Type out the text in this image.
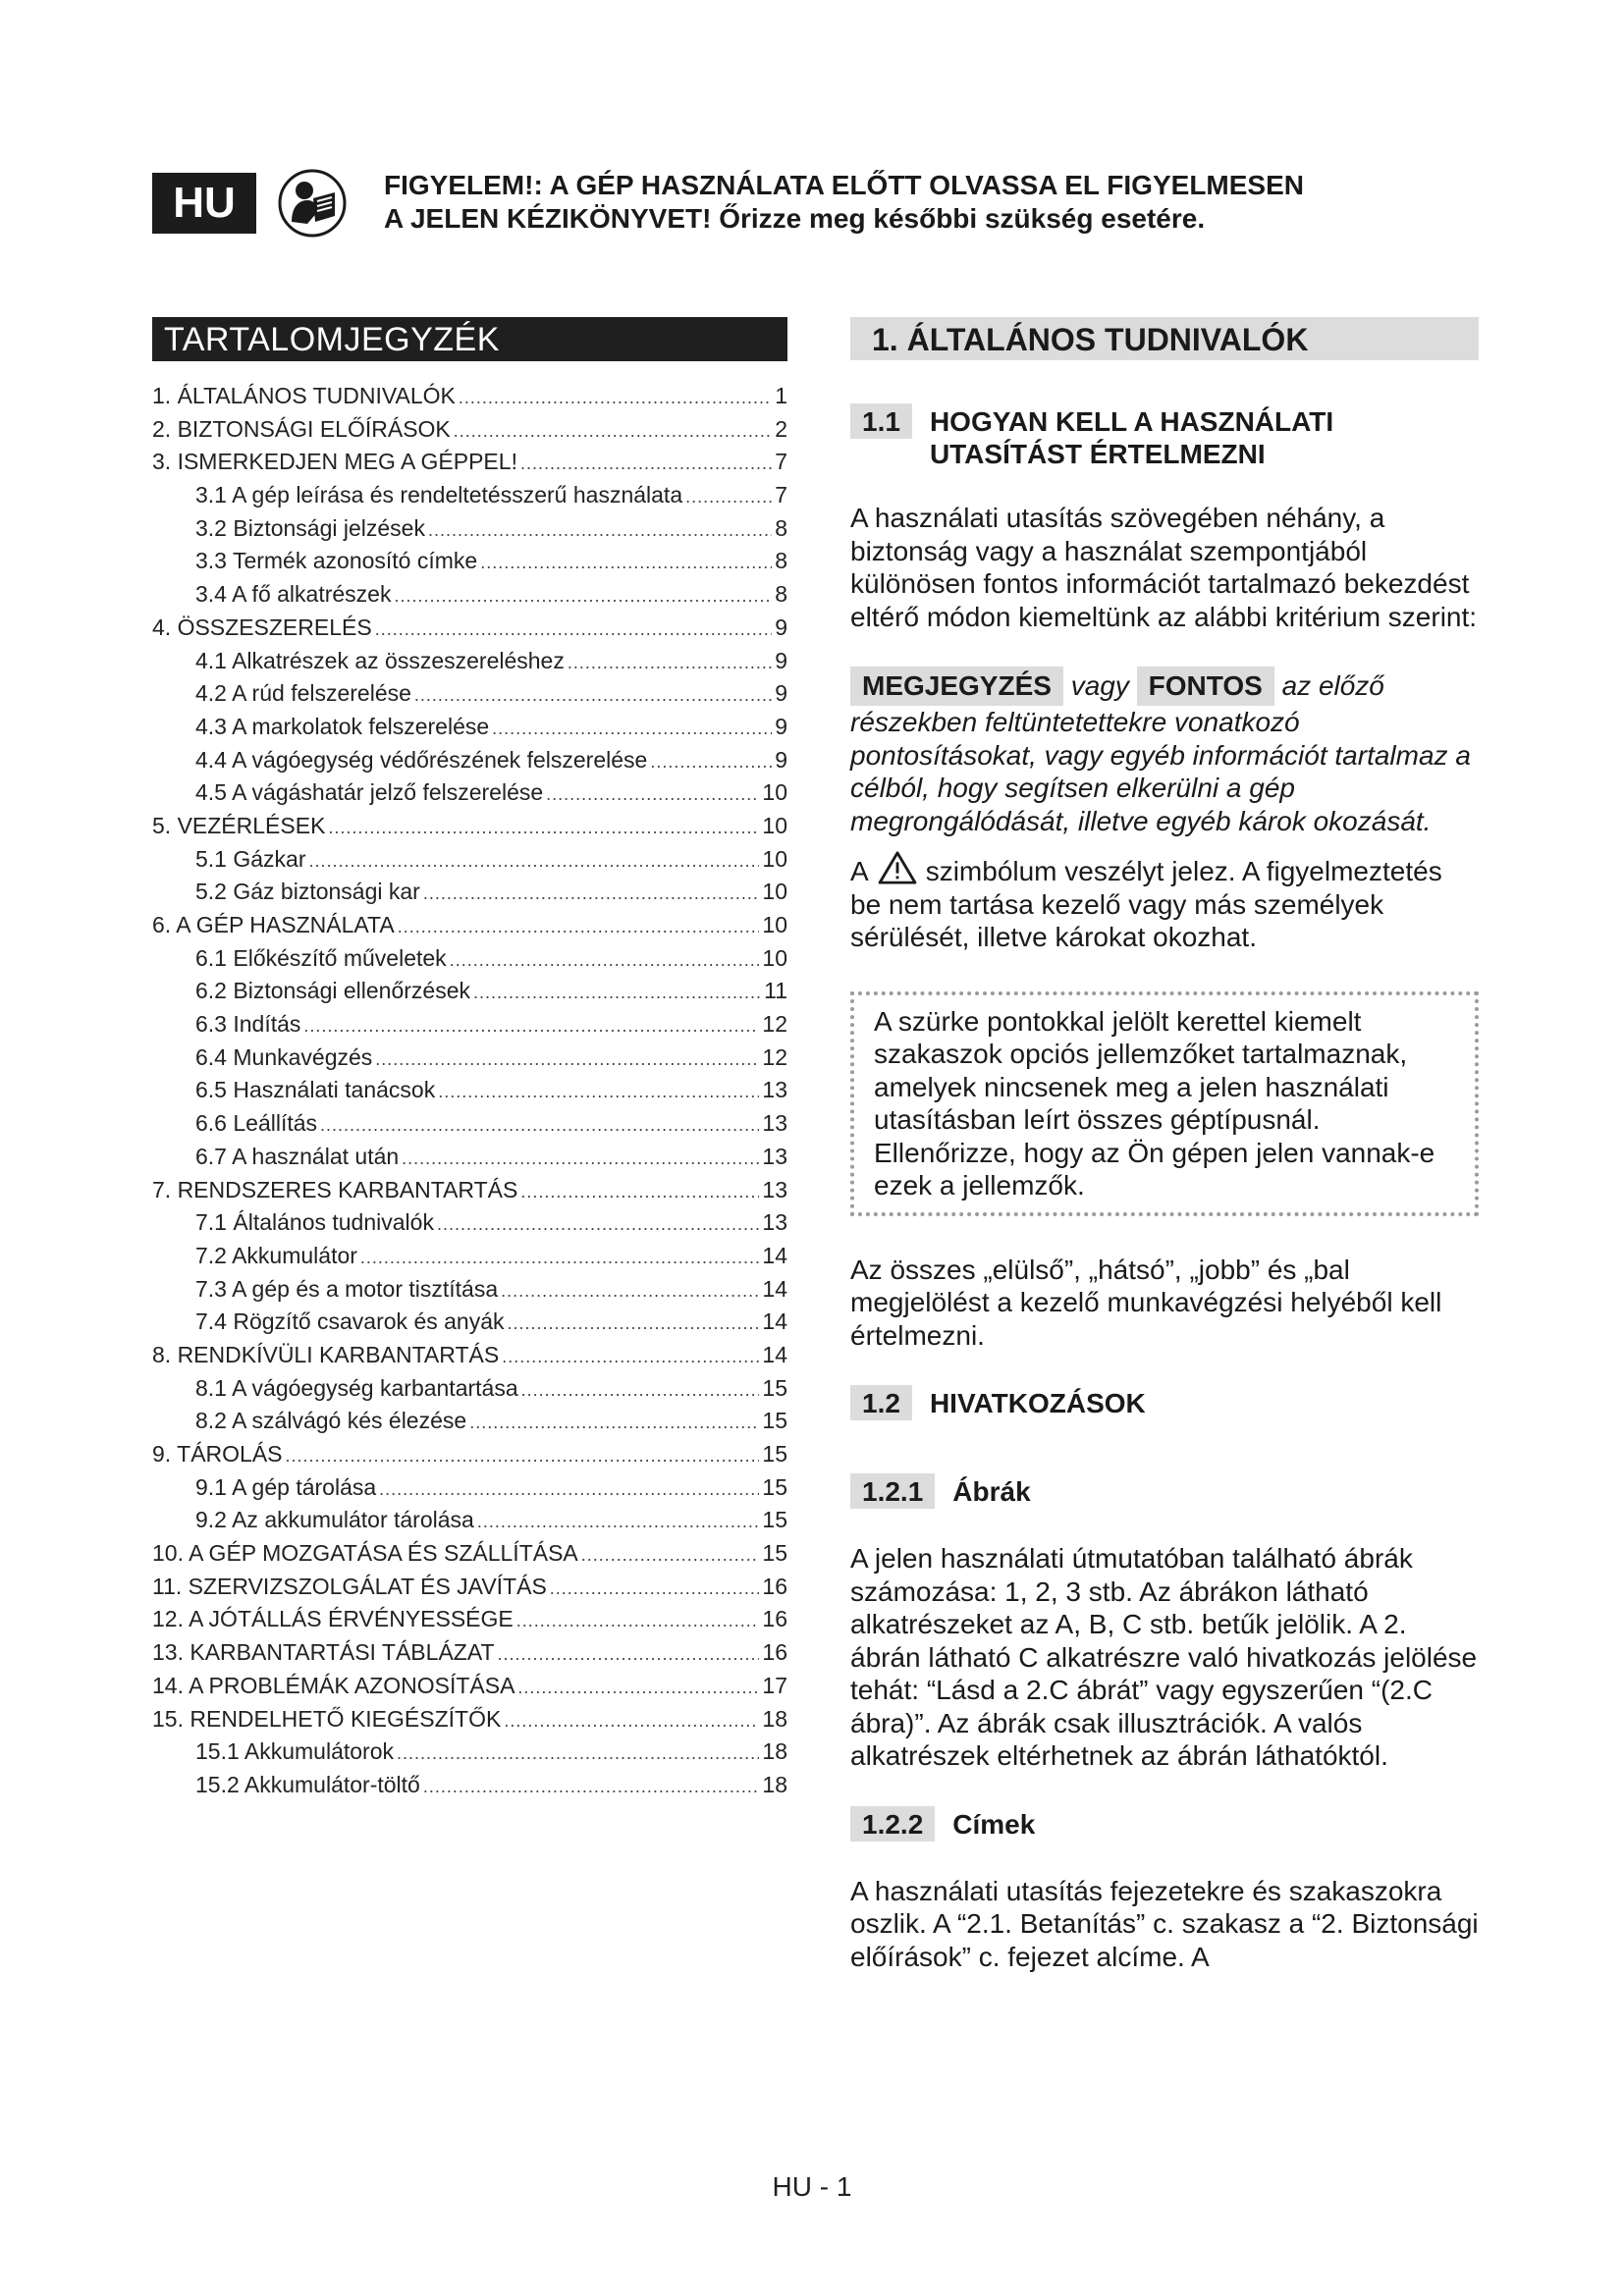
HU	FIGYELEM!: A GÉP HASZNÁLATA ELŐTT OLVASSA EL FIGYELMESEN
A JELEN KÉZIKÖNYVET! Őrizze meg későbbi szükség esetére.
TARTALOMJEGYZÉK
1. ÁLTALÁNOS TUDNIVALÓK .....	1
2. BIZTONSÁGI ELŐÍRÁSOK .....	2
3. ISMERKEDJEN MEG A GÉPPEL! .....	7
3.1 A gép leírása és rendeltetésszerű használata .....	7
3.2 Biztonsági jelzések .....	8
3.3 Termék azonosító címke .....	8
3.4 A fő alkatrészek .....	8
4. ÖSSZESZERELÉS .....	9
4.1 Alkatrészek az összeszereléshez .....	9
4.2 A rúd felszerelése .....	9
4.3 A markolatok felszerelése .....	9
4.4 A vágóegység védőrészének felszerelése .....	9
4.5 A vágáshatár jelző felszerelése .....	10
5. VEZÉRLÉSEK .....	10
5.1 Gázkar .....	10
5.2 Gáz biztonsági kar .....	10
6. A GÉP HASZNÁLATA .....	10
6.1 Előkészítő műveletek .....	10
6.2 Biztonsági ellenőrzések .....	11
6.3 Indítás .....	12
6.4 Munkavégzés .....	12
6.5 Használati tanácsok .....	13
6.6 Leállítás .....	13
6.7 A használat után .....	13
7. RENDSZERES KARBANTARTÁS .....	13
7.1 Általános tudnivalók .....	13
7.2 Akkumulátor .....	14
7.3 A gép és a motor tisztítása .....	14
7.4 Rögzítő csavarok és anyák .....	14
8. RENDKÍVÜLI KARBANTARTÁS .....	14
8.1 A vágóegység karbantartása .....	15
8.2 A szálvágó kés élezése .....	15
9. TÁROLÁS .....	15
9.1 A gép tárolása .....	15
9.2 Az akkumulátor tárolása .....	15
10. A GÉP MOZGATÁSA ÉS SZÁLLÍTÁSA .....	15
11. SZERVIZSZOLGÁLAT ÉS JAVÍTÁS .....	16
12. A JÓTÁLLÁS ÉRVÉNYESSÉGE .....	16
13. KARBANTARTÁSI TÁBLÁZAT .....	16
14. A PROBLÉMÁK AZONOSÍTÁSA .....	17
15. RENDELHETŐ KIEGÉSZÍTŐK .....	18
15.1 Akkumulátorok .....	18
15.2 Akkumulátor-töltő .....	18
1. ÁLTALÁNOS TUDNIVALÓK
1.1	HOGYAN KELL A HASZNÁLATI UTASÍTÁST ÉRTELMEZNI

A használati utasítás szövegében néhány, a biztonság vagy a használat szempontjából különösen fontos információt tartalmazó bekezdést eltérő módon kiemeltünk az alábbi kritérium szerint:

MEGJEGYZÉS vagy FONTOS az előző részekben feltüntetettekre vonatkozó pontosításokat, vagy egyéb információt tartalmaz a célból, hogy segítsen elkerülni a gép megrongálódását, illetve egyéb károk okozását.

A szimbólum veszélyt jelez. A figyelmeztetés be nem tartása kezelő vagy más személyek sérülését, illetve károkat okozhat.

A szürke pontokkal jelölt kerettel kiemelt szakaszok opciós jellemzőket tartalmaznak, amelyek nincsenek meg a jelen használati utasításban leírt összes géptípusnál. Ellenőrizze, hogy az Ön gépen jelen vannak-e ezek a jellemzők.

Az összes „elülső”, „hátsó”, „jobb” és „bal megjelölést a kezelő munkavégzési helyéből kell értelmezni.

1.2	HIVATKOZÁSOK
1.2.1	Ábrák

A jelen használati útmutatóban található ábrák számozása: 1, 2, 3 stb. Az ábrákon látható alkatrészeket az A, B, C stb. betűk jelölik. A 2. ábrán látható C alkatrészre való hivatkozás jelölése tehát: “Lásd a 2.C ábrát” vagy egyszerűen “(2.C ábra)”. Az ábrák csak illusztrációk. A valós alkatrészek eltérhetnek az ábrán láthatóktól.

1.2.2	Címek

A használati utasítás fejezetekre és szakaszokra oszlik. A “2.1. Betanítás” c. szakasz a “2. Biztonsági előírások” c. fejezet alcíme. A

HU - 1
